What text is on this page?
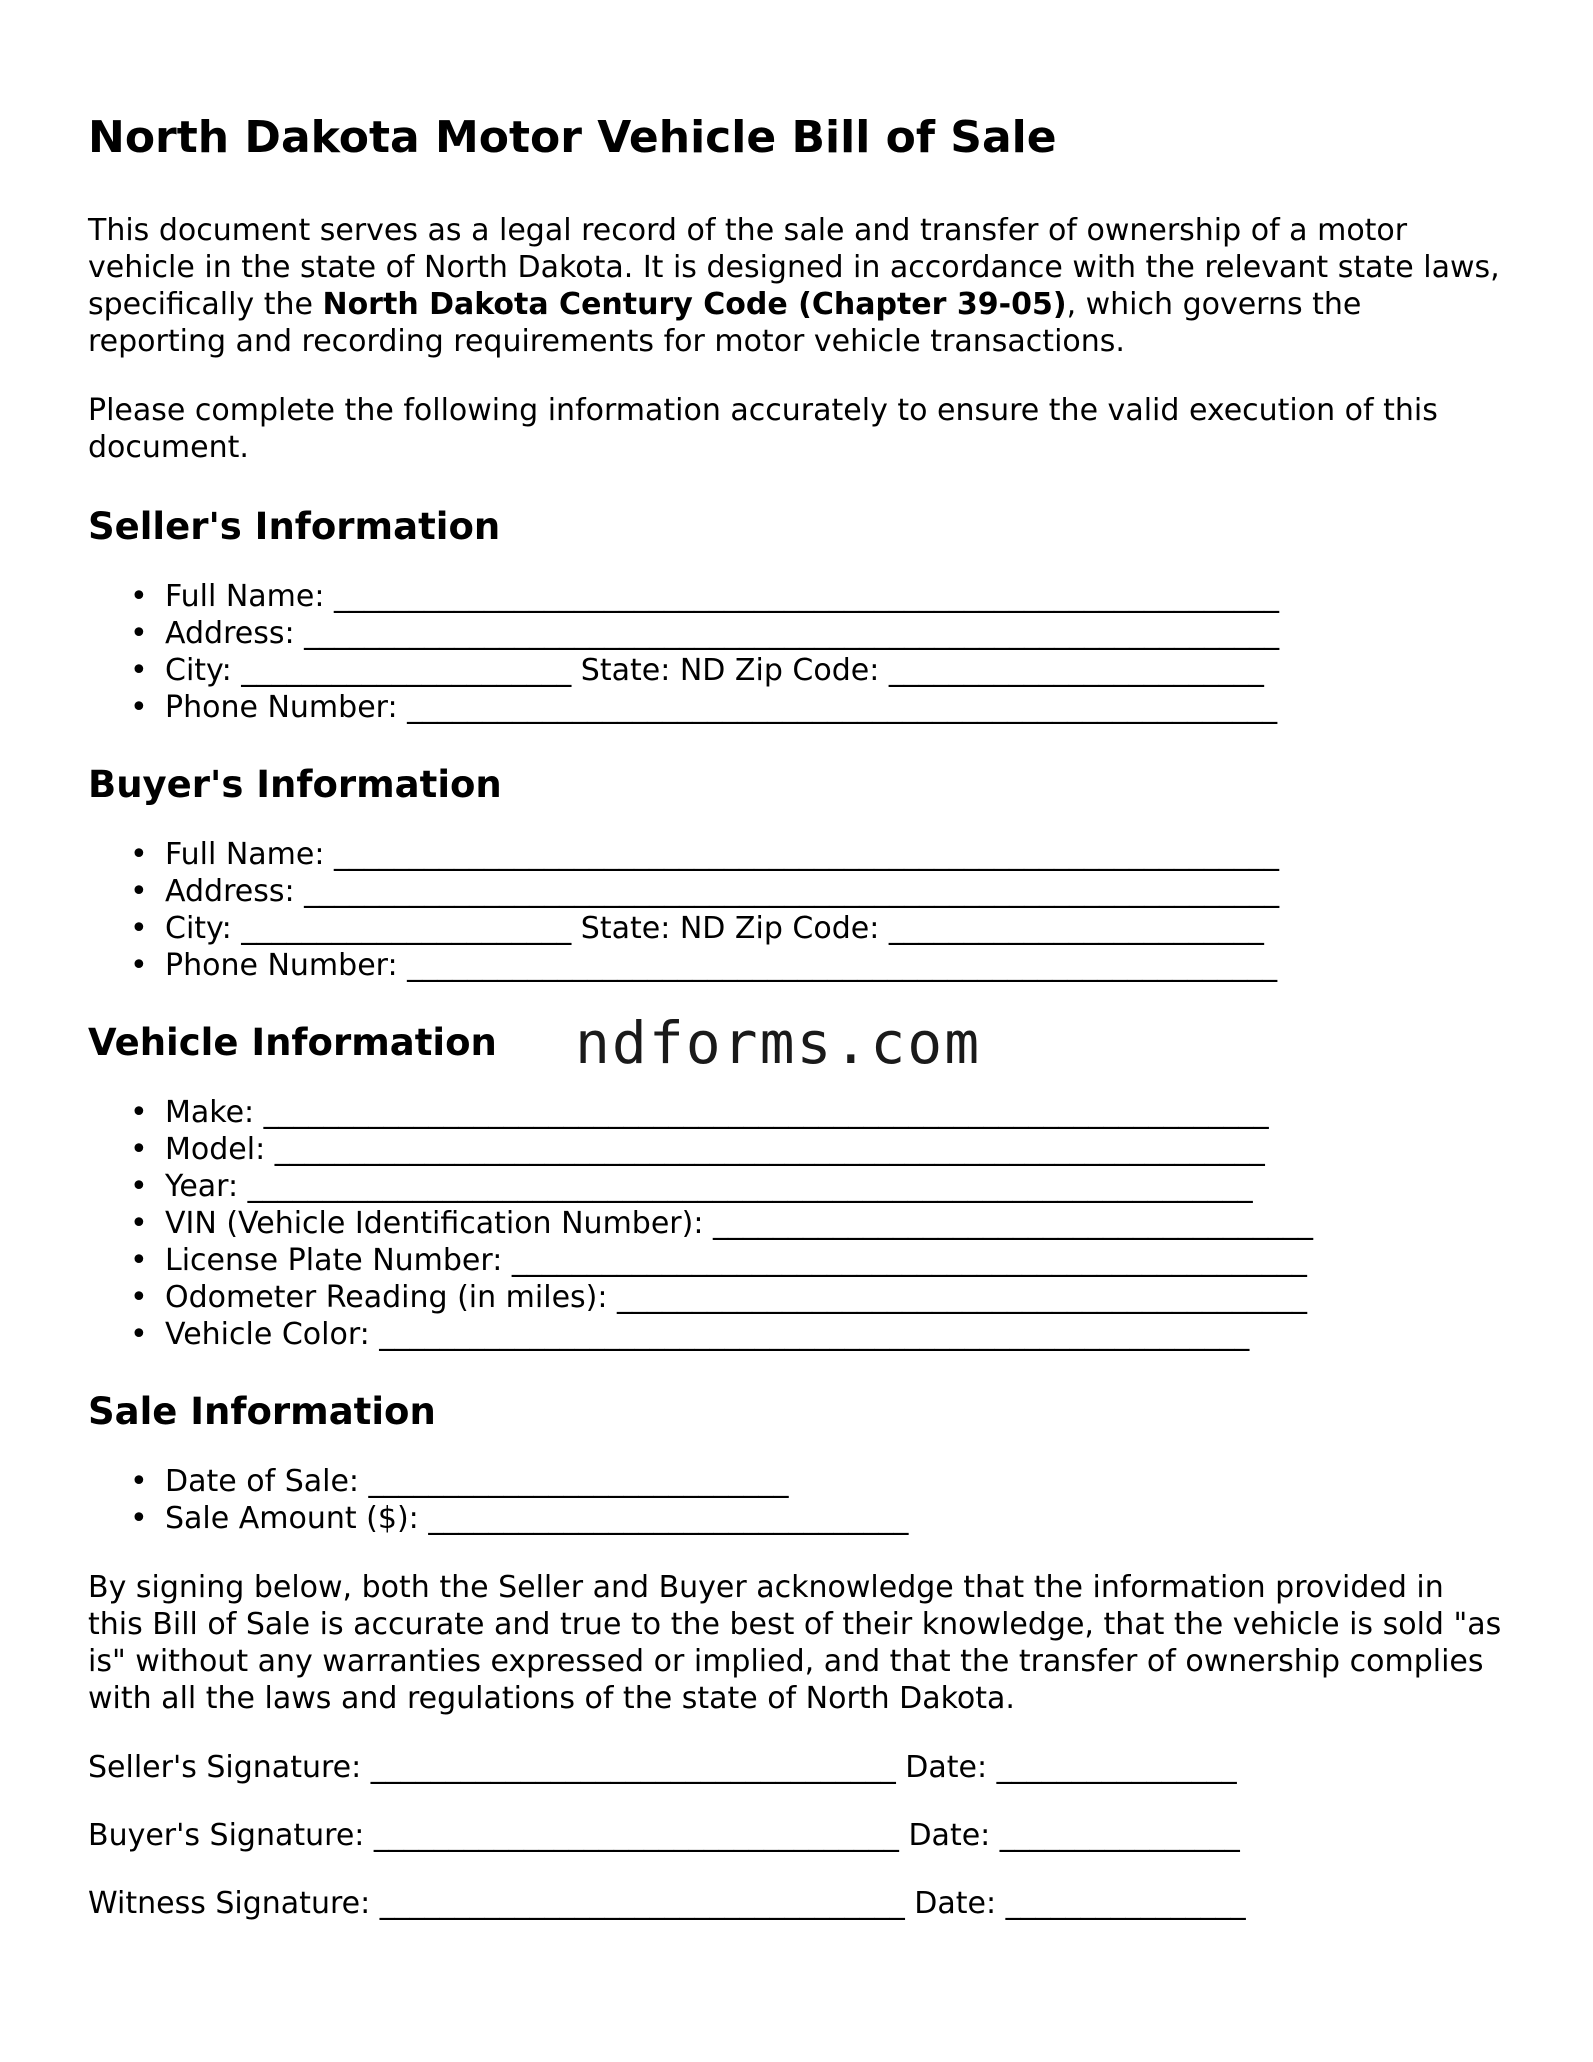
North Dakota Motor Vehicle Bill of Sale

This document serves as a legal record of the sale and transfer of ownership of a motor vehicle in the state of North Dakota. It is designed in accordance with the relevant state laws, specifically the North Dakota Century Code (Chapter 39-05), which governs the reporting and recording requirements for motor vehicle transactions.

Please complete the following information accurately to ensure the valid execution of this document.

Seller's Information
• Full Name: _______________________________________________________________
• Address: _________________________________________________________________
• City: ______________________ State: ND Zip Code: _________________________
• Phone Number: __________________________________________________________
Buyer's Information
• Full Name: _______________________________________________________________
• Address: _________________________________________________________________
• City: ______________________ State: ND Zip Code: _________________________
• Phone Number: __________________________________________________________
Vehicle Information ndforms.com
• Make: ___________________________________________________________________
• Model: __________________________________________________________________
• Year: ___________________________________________________________________
• VIN (Vehicle Identification Number): ________________________________________
• License Plate Number: _____________________________________________________
• Odometer Reading (in miles): ______________________________________________
• Vehicle Color: __________________________________________________________
Sale Information
• Date of Sale: ____________________________
• Sale Amount ($): ________________________________

By signing below, both the Seller and Buyer acknowledge that the information provided in this Bill of Sale is accurate and true to the best of their knowledge, that the vehicle is sold "as is" without any warranties expressed or implied, and that the transfer of ownership complies with all the laws and regulations of the state of North Dakota.

Seller's Signature: ___________________________________ Date: ________________

Buyer's Signature: ___________________________________ Date: ________________

Witness Signature: ___________________________________ Date: ________________
